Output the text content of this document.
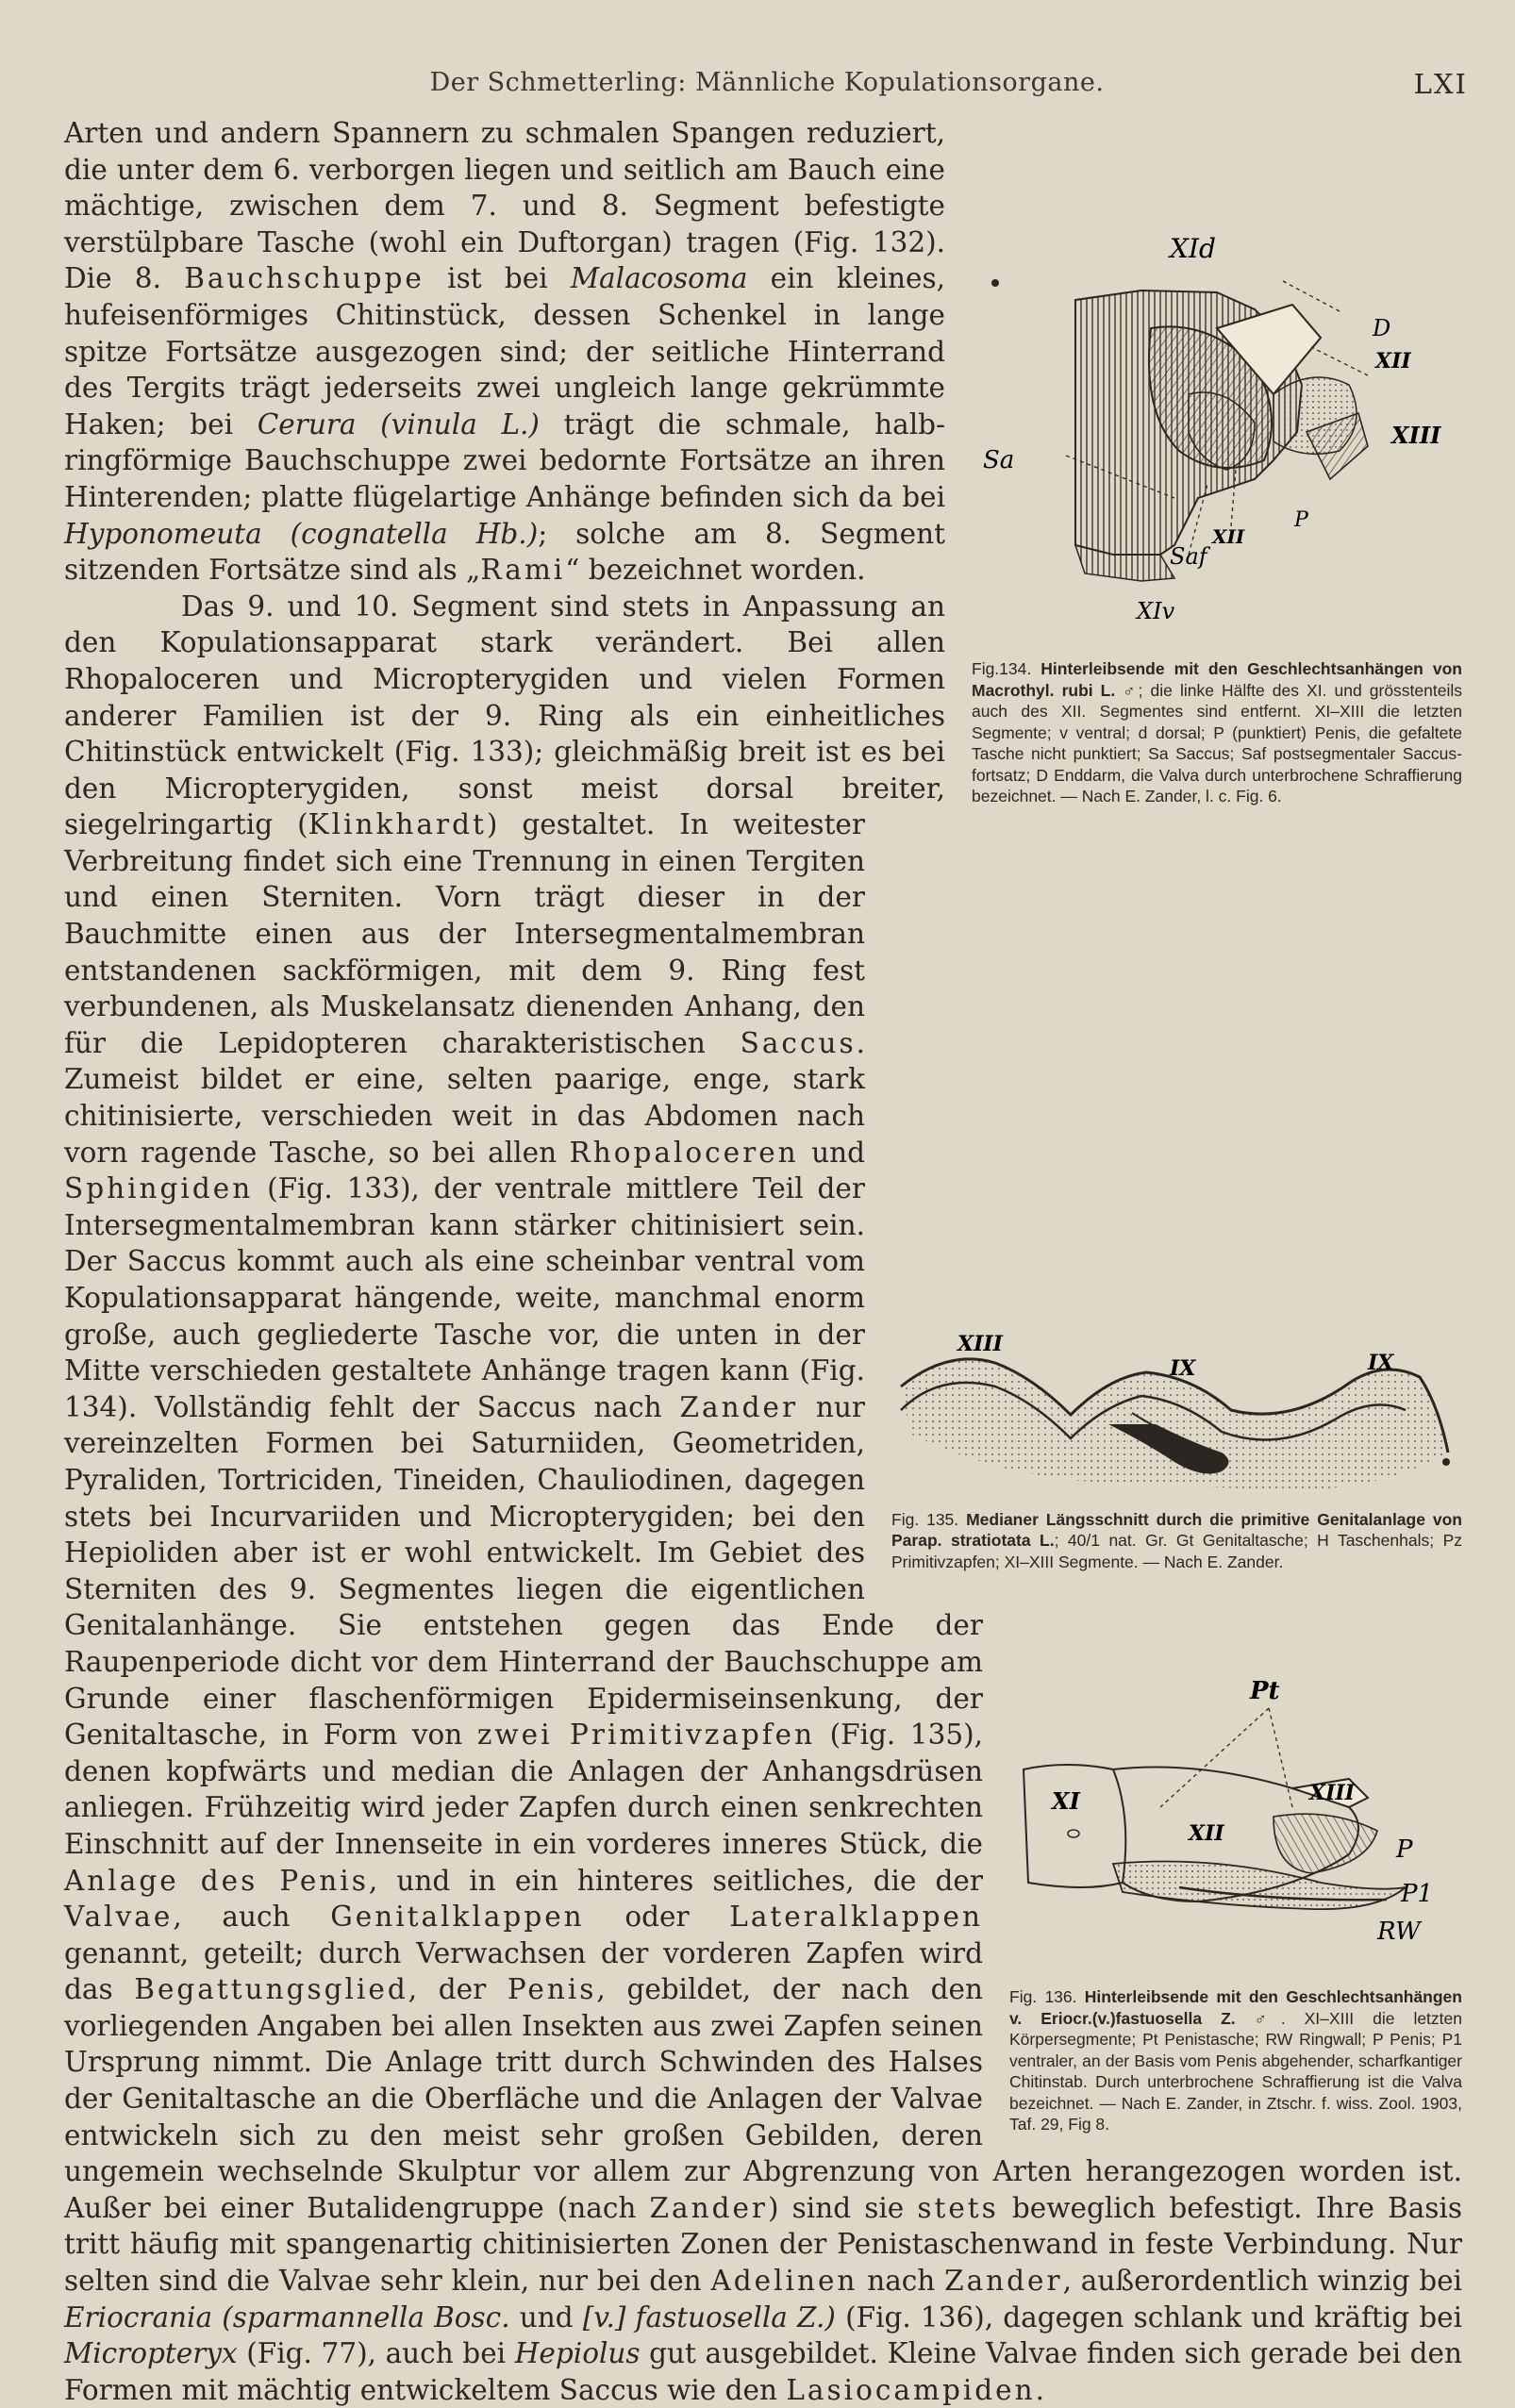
Der Schmetterling: Männliche Kopulationsorgane.	LXI
XId
D
XII
XIII
Sa
P
XII
Saf
XIv

Fig.134. Hinterleibsende mit den Geschlechtsanhängen von Macrothyl. rubi L. ♂; die linke Hälfte des XI. und grösstenteils auch des XII. Segmentes sind entfernt. XI–XIII die letzten Segmente; v ventral; d dorsal; P (punktiert) Penis, die gefaltete Tasche nicht punktiert; Sa Saccus; Saf postsegmentaler Saccusfortsatz; D Enddarm, die Valva durch unterbrochene Schraffierung bezeichnet. — Nach E. Zander, l. c. Fig. 6.

Arten und andern Spannern zu schmalen Spangen reduziert, die unter dem 6. verborgen liegen und seitlich am Bauch eine mächtige, zwischen dem 7. und 8. Segment befestigte verstülpbare Tasche (wohl ein Duftorgan) tragen (Fig. 132). Die 8. Bauchschuppe ist bei Malacosoma ein kleines, hufeisenförmiges Chitinstück, dessen Schenkel in lange spitze Fortsätze ausgezogen sind; der seitliche Hinterrand des Tergits trägt jederseits zwei ungleich lange gekrümmte Haken; bei Cerura (vinula L.) trägt die schmale, halbringförmige Bauchschuppe zwei bedornte Fortsätze an ihren Hinterenden; platte flügelartige Anhänge befinden sich da bei Hyponomeuta (cognatella Hb.); solche am 8. Segment sitzenden Fortsätze sind als „Rami“ bezeichnet worden.

XIII
IX	IX

Fig. 135. Medianer Längsschnitt durch die primitive Genitalanlage von Parap. stratiotata L.; 40/1 nat. Gr. Gt Genitaltasche; H Taschenhals; Pz Primitivzapfen; XI–XIII Segmente. — Nach E. Zander.

Pt
XI
XII
XIII
P
P1
RW

Fig. 136. Hinterleibsende mit den Geschlechtsanhängen v. Eriocr.(v.)fastuosella Z. ♂. XI–XIII die letzten Körpersegmente; Pt Penistasche; RW Ringwall; P Penis; P1 ventraler, an der Basis vom Penis abgehender, scharfkantiger Chitinstab. Durch unterbrochene Schraffierung ist die Valva bezeichnet. — Nach E. Zander, in Ztschr. f. wiss. Zool. 1903, Taf. 29, Fig 8.

Das 9. und 10. Segment sind stets in Anpassung an den Kopulationsapparat stark verändert. Bei allen Rhopaloceren und Micropterygiden und vielen Formen anderer Familien ist der 9. Ring als ein einheitliches Chitinstück entwickelt (Fig. 133); gleichmäßig breit ist es bei den Micropterygiden, sonst meist dorsal breiter, siegelringartig (Klinkhardt) gestaltet. In weitester Verbreitung findet sich eine Trennung in einen Tergiten und einen Sterniten. Vorn trägt dieser in der Bauchmitte einen aus der Intersegmentalmembran entstandenen sackförmigen, mit dem 9. Ring fest verbundenen, als Muskelansatz dienenden Anhang, den für die Lepidopteren charakteristischen Saccus. Zumeist bildet er eine, selten paarige, enge, stark chitinisierte, verschieden weit in das Abdomen nach vorn ragende Tasche, so bei allen Rhopaloceren und Sphingiden (Fig. 133), der ventrale mittlere Teil der Intersegmentalmembran kann stärker chitinisiert sein. Der Saccus kommt auch als eine scheinbar ventral vom Kopulationsapparat hängende, weite, manchmal enorm große, auch gegliederte Tasche vor, die unten in der Mitte verschieden gestaltete Anhänge tragen kann (Fig. 134). Vollständig fehlt der Saccus nach Zander nur vereinzelten Formen bei Saturniiden, Geometriden, Pyraliden, Tortriciden, Tineiden, Chauliodinen, dagegen stets bei Incurvariiden und Micropterygiden; bei den Hepioliden aber ist er wohl entwickelt. Im Gebiet des Sterniten des 9. Segmentes liegen die eigentlichen Genitalanhänge. Sie entstehen gegen das Ende der Raupenperiode dicht vor dem Hinterrand der Bauchschuppe am Grunde einer flaschenförmigen Epidermiseinsenkung, der Genitaltasche, in Form von zwei Primitivzapfen (Fig. 135), denen kopfwärts und median die Anlagen der Anhangsdrüsen anliegen. Frühzeitig wird jeder Zapfen durch einen senkrechten Einschnitt auf der Innenseite in ein vorderes inneres Stück, die Anlage des Penis, und in ein hinteres seitliches, die der Valvae, auch Genitalklappen oder Lateralklappen genannt, geteilt; durch Verwachsen der vorderen Zapfen wird das Begattungsglied, der Penis, gebildet, der nach den vorliegenden Angaben bei allen Insekten aus zwei Zapfen seinen Ursprung nimmt. Die Anlage tritt durch Schwinden des Halses der Genitaltasche an die Oberfläche und die Anlagen der Valvae entwickeln sich zu den meist sehr großen Gebilden, deren ungemein wechselnde Skulptur vor allem zur Abgrenzung von Arten herangezogen worden ist. Außer bei einer Butalidengruppe (nach Zander) sind sie stets beweglich befestigt. Ihre Basis tritt häufig mit spangenartig chitinisierten Zonen der Penistaschenwand in feste Verbindung. Nur selten sind die Valvae sehr klein, nur bei den Adelinen nach Zander, außerordentlich winzig bei Eriocrania (sparmannella Bosc. und [v.] fastuosella Z.) (Fig. 136), dagegen schlank und kräftig bei Micropteryx (Fig. 77), auch bei Hepiolus gut ausgebildet. Kleine Valvae finden sich gerade bei den Formen mit mächtig entwickeltem Saccus wie den Lasiocampiden.
